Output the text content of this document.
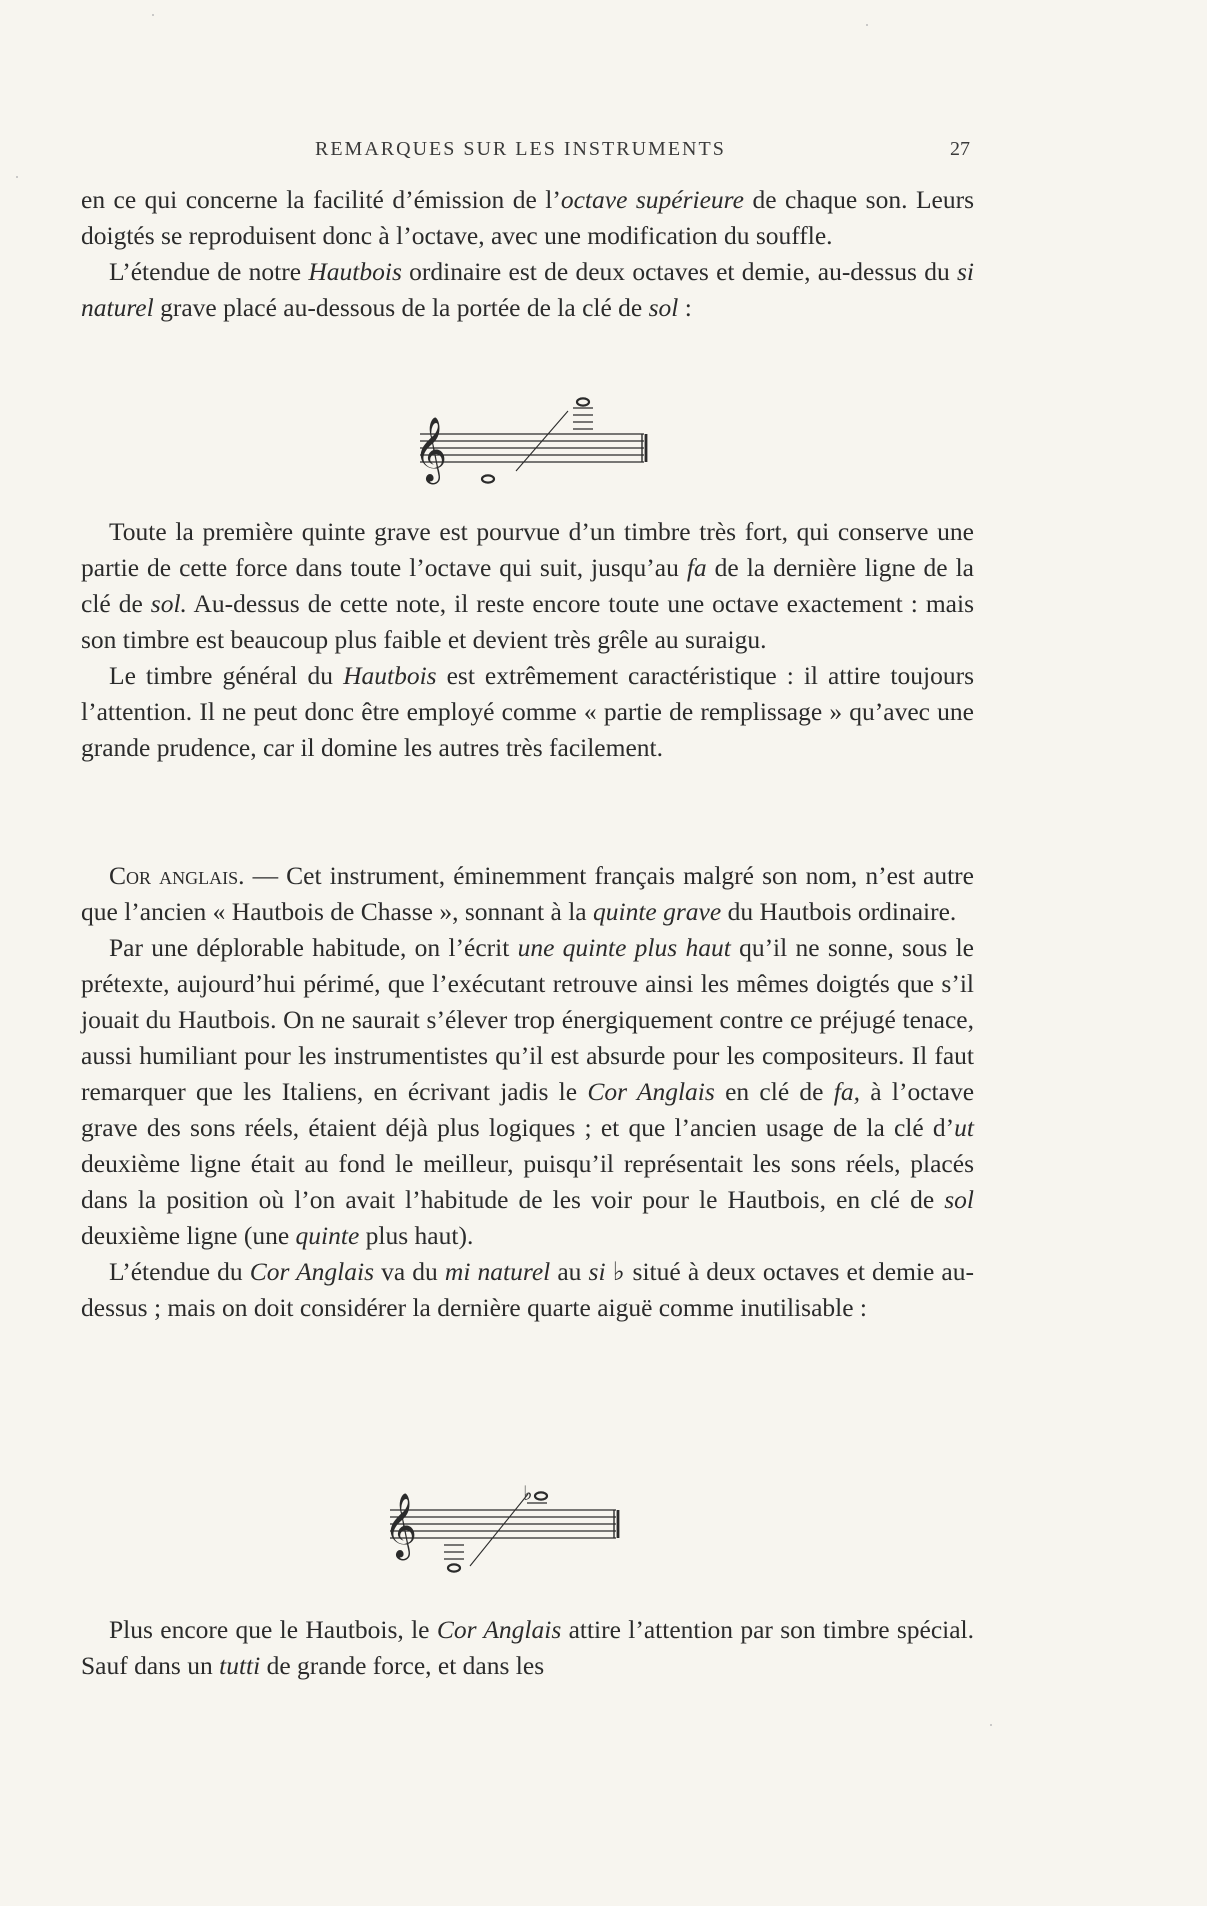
REMARQUES SUR LES INSTRUMENTS	27

en ce qui concerne la facilité d’émission de l’octave supérieure de chaque son. Leurs doigtés se reproduisent donc à l’octave, avec une modification du souffle.

L’étendue de notre Hautbois ordinaire est de deux octaves et demie, au-dessus du si naturel grave placé au-dessous de la portée de la clé de sol :

𝄞

Toute la première quinte grave est pourvue d’un timbre très fort, qui conserve une partie de cette force dans toute l’octave qui suit, jusqu’au fa de la dernière ligne de la clé de sol. Au-dessus de cette note, il reste encore toute une octave exactement : mais son timbre est beaucoup plus faible et devient très grêle au suraigu.

Le timbre général du Hautbois est extrêmement caractéristique : il attire toujours l’attention. Il ne peut donc être employé comme « partie de remplissage » qu’avec une grande prudence, car il domine les autres très facilement.

Cor anglais. — Cet instrument, éminemment français malgré son nom, n’est autre que l’ancien « Hautbois de Chasse », sonnant à la quinte grave du Hautbois ordinaire.

Par une déplorable habitude, on l’écrit une quinte plus haut qu’il ne sonne, sous le prétexte, aujourd’hui périmé, que l’exécutant retrouve ainsi les mêmes doigtés que s’il jouait du Hautbois. On ne saurait s’élever trop énergiquement contre ce préjugé tenace, aussi humiliant pour les instrumentistes qu’il est absurde pour les compositeurs. Il faut remarquer que les Italiens, en écrivant jadis le Cor Anglais en clé de fa, à l’octave grave des sons réels, étaient déjà plus logiques ; et que l’ancien usage de la clé d’ut deuxième ligne était au fond le meilleur, puisqu’il représentait les sons réels, placés dans la position où l’on avait l’habitude de les voir pour le Hautbois, en clé de sol deuxième ligne (une quinte plus haut).

L’étendue du Cor Anglais va du mi naturel au si ♭ situé à deux octaves et demie au-dessus ; mais on doit considérer la dernière quarte aiguë comme inutilisable :

𝄞	♭

Plus encore que le Hautbois, le Cor Anglais attire l’attention par son timbre spécial. Sauf dans un tutti de grande force, et dans les
